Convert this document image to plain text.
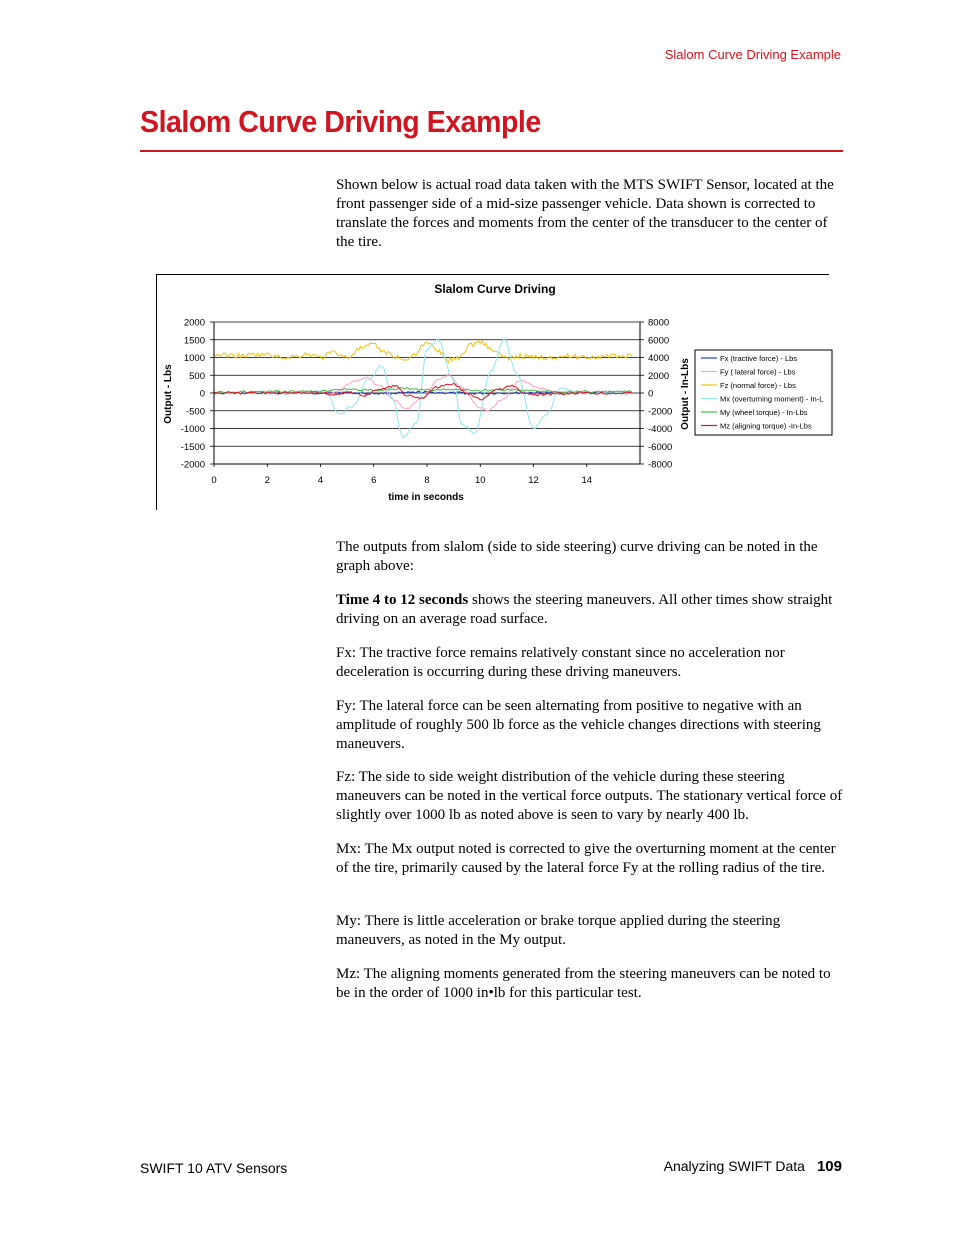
Slalom Curve Driving Example
Slalom Curve Driving Example

Shown below is actual road data taken with the MTS SWIFT Sensor, located at the front passenger side of a mid-size passenger vehicle. Data shown is corrected to translate the forces and moments from the center of the transducer to the center of the tire.

Slalom Curve Driving
2000
1500
1000
500
0
-500
-1000
-1500
-2000
8000
6000
4000
2000
0
-2000
-4000
-6000
-8000
0	2	4	6	8	10	12	14
time in seconds
Output - Lbs	Output - In-Lbs	Fx (tractive force) - Lbs
Fy ( lateral force) - Lbs
Fz (normal force) - Lbs
Mx (overturning moment) - In-L
My (wheel torque) - In-Lbs
Mz (aligning torque) -In-Lbs

The outputs from slalom (side to side steering) curve driving can be noted in the graph above:

Time 4 to 12 seconds shows the steering maneuvers. All other times show straight driving on an average road surface.

Fx: The tractive force remains relatively constant since no acceleration nor deceleration is occurring during these driving maneuvers.

Fy: The lateral force can be seen alternating from positive to negative with an amplitude of roughly 500 lb force as the vehicle changes directions with steering maneuvers.

Fz: The side to side weight distribution of the vehicle during these steering maneuvers can be noted in the vertical force outputs. The stationary vertical force of slightly over 1000 lb as noted above is seen to vary by nearly 400 lb.

Mx: The Mx output noted is corrected to give the overturning moment at the center of the tire, primarily caused by the lateral force Fy at the rolling radius of the tire.

My: There is little acceleration or brake torque applied during the steering maneuvers, as noted in the My output.

Mz: The aligning moments generated from the steering maneuvers can be noted to be in the order of 1000 in•lb for this particular test.

SWIFT 10 ATV Sensors	Analyzing SWIFT Data 109
